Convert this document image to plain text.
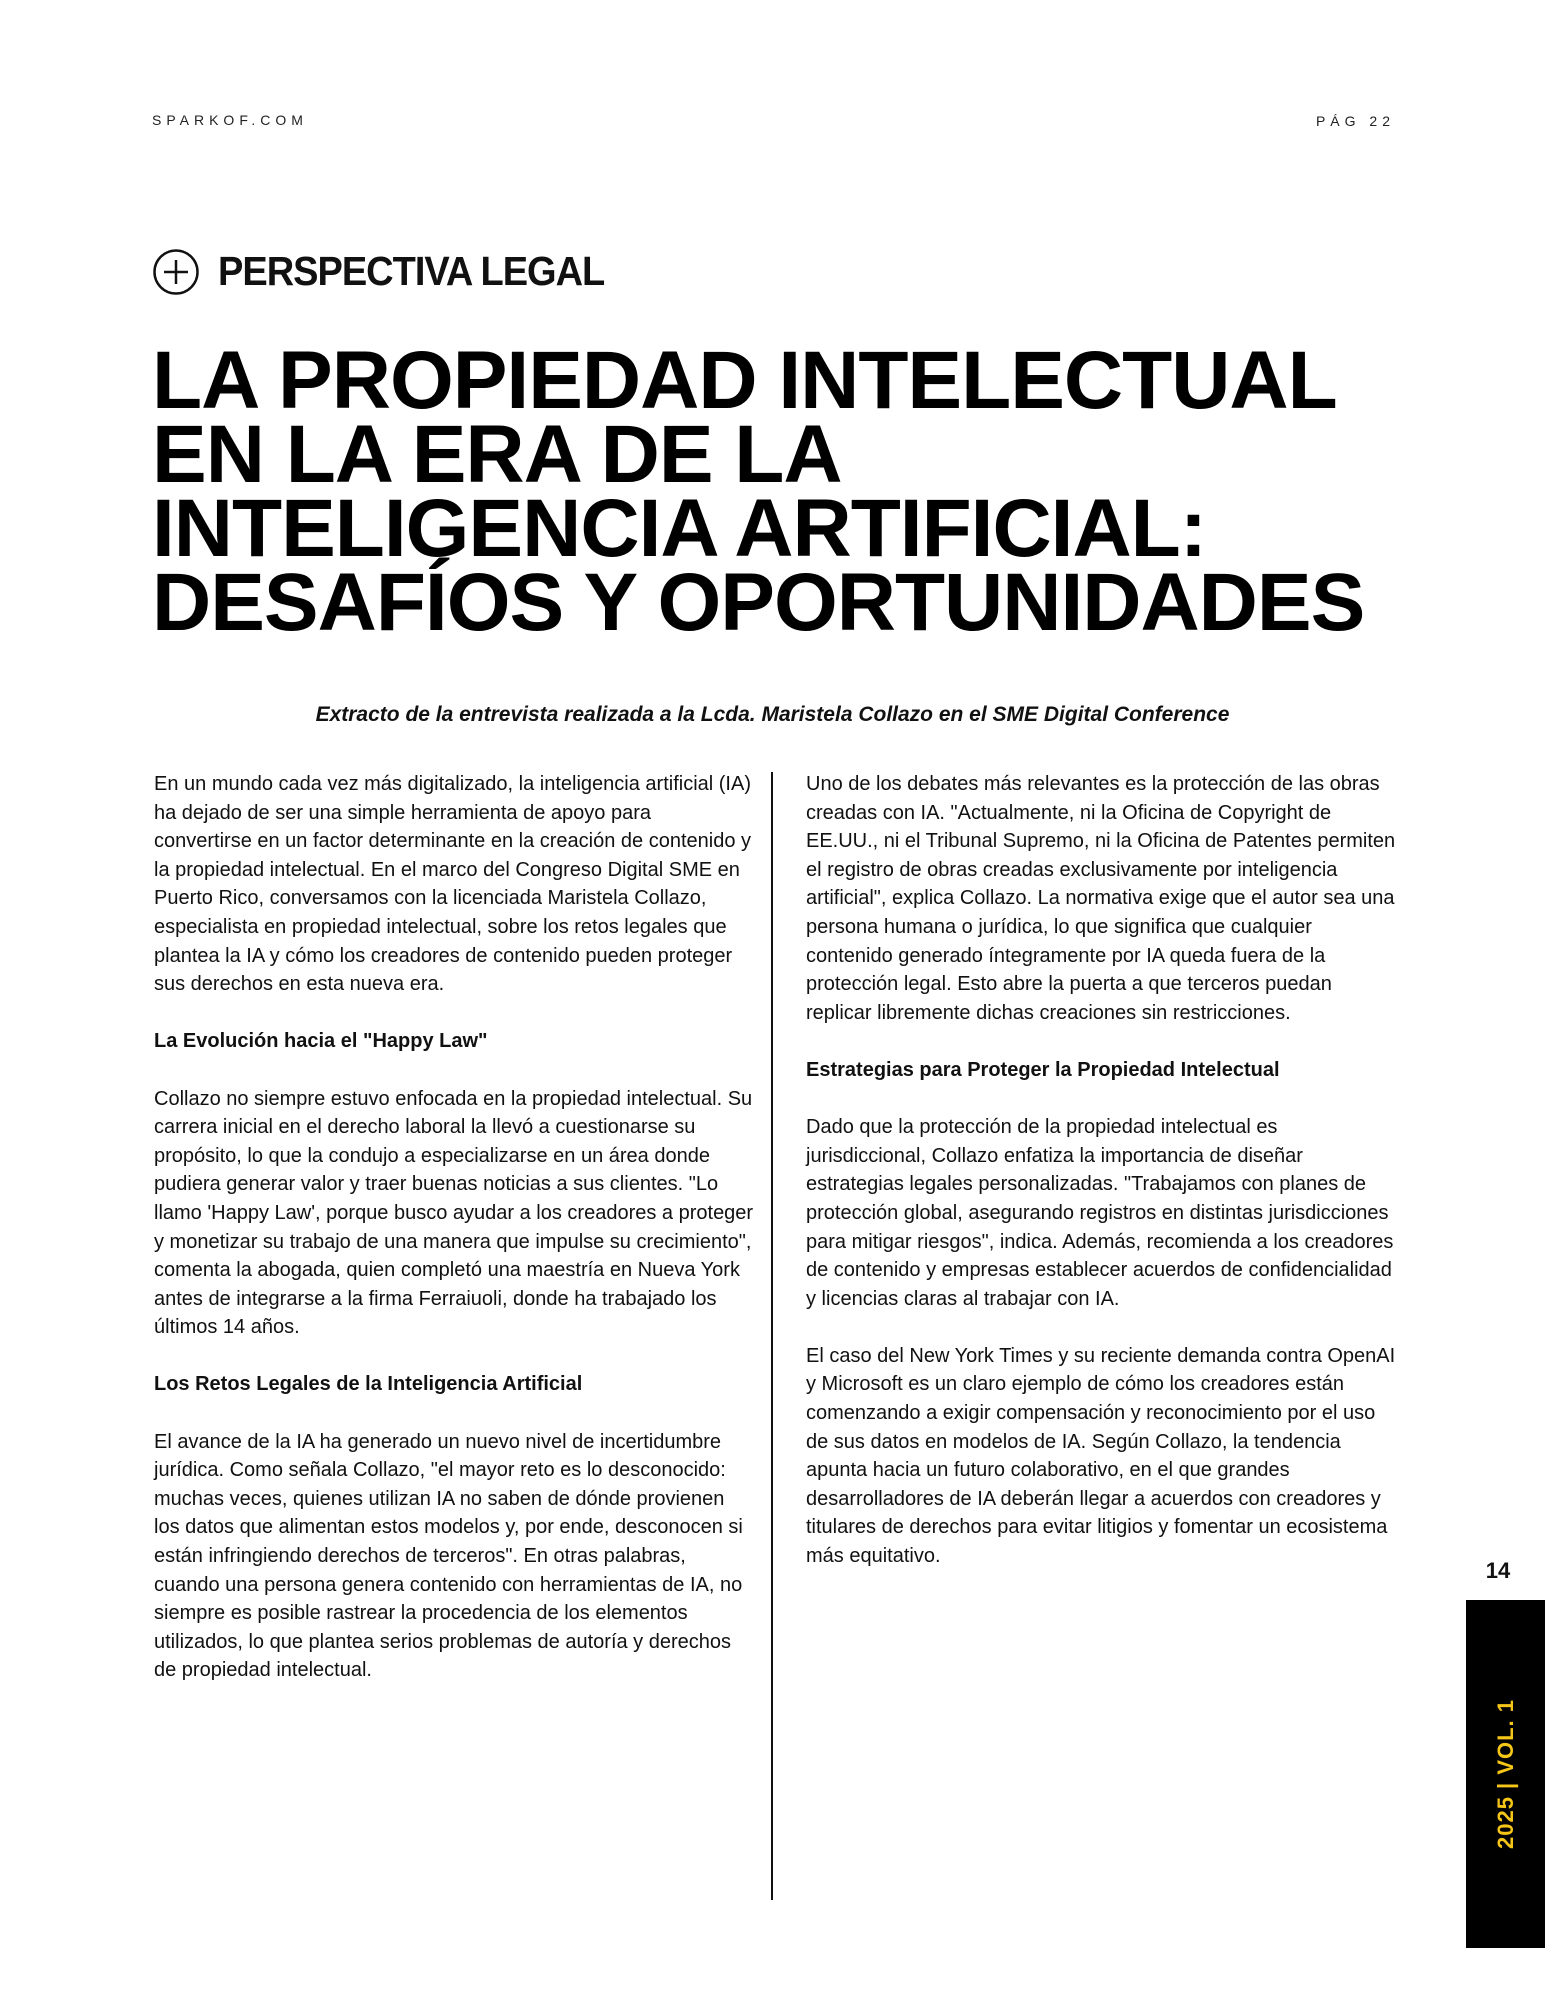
SPARKOF.COM	PÁG 22
PERSPECTIVA LEGAL
LA PROPIEDAD INTELECTUAL EN LA ERA DE LA INTELIGENCIA ARTIFICIAL: DESAFÍOS Y OPORTUNIDADES
Extracto de la entrevista realizada a la Lcda. Maristela Collazo en el SME Digital Conference

En un mundo cada vez más digitalizado, la inteligencia artificial (IA) ha dejado de ser una simple herramienta de apoyo para convertirse en un factor determinante en la creación de contenido y la propiedad intelectual. En el marco del Congreso Digital SME en Puerto Rico, conversamos con la licenciada Maristela Collazo, especialista en propiedad intelectual, sobre los retos legales que plantea la IA y cómo los creadores de contenido pueden proteger sus derechos en esta nueva era.

La Evolución hacia el "Happy Law"

Collazo no siempre estuvo enfocada en la propiedad intelectual. Su carrera inicial en el derecho laboral la llevó a cuestionarse su propósito, lo que la condujo a especializarse en un área donde pudiera generar valor y traer buenas noticias a sus clientes. "Lo llamo 'Happy Law', porque busco ayudar a los creadores a proteger y monetizar su trabajo de una manera que impulse su crecimiento", comenta la abogada, quien completó una maestría en Nueva York antes de integrarse a la firma Ferraiuoli, donde ha trabajado los últimos 14 años.

Los Retos Legales de la Inteligencia Artificial

El avance de la IA ha generado un nuevo nivel de incertidumbre jurídica. Como señala Collazo, "el mayor reto es lo desconocido: muchas veces, quienes utilizan IA no saben de dónde provienen los datos que alimentan estos modelos y, por ende, desconocen si están infringiendo derechos de terceros". En otras palabras, cuando una persona genera contenido con herramientas de IA, no siempre es posible rastrear la procedencia de los elementos utilizados, lo que plantea serios problemas de autoría y derechos de propiedad intelectual.

Uno de los debates más relevantes es la protección de las obras creadas con IA. "Actualmente, ni la Oficina de Copyright de EE.UU., ni el Tribunal Supremo, ni la Oficina de Patentes permiten el registro de obras creadas exclusivamente por inteligencia artificial", explica Collazo. La normativa exige que el autor sea una persona humana o jurídica, lo que significa que cualquier contenido generado íntegramente por IA queda fuera de la protección legal. Esto abre la puerta a que terceros puedan replicar libremente dichas creaciones sin restricciones.

Estrategias para Proteger la Propiedad Intelectual

Dado que la protección de la propiedad intelectual es jurisdiccional, Collazo enfatiza la importancia de diseñar estrategias legales personalizadas. "Trabajamos con planes de protección global, asegurando registros en distintas jurisdicciones para mitigar riesgos", indica. Además, recomienda a los creadores de contenido y empresas establecer acuerdos de confidencialidad y licencias claras al trabajar con IA.

El caso del New York Times y su reciente demanda contra OpenAI y Microsoft es un claro ejemplo de cómo los creadores están comenzando a exigir compensación y reconocimiento por el uso de sus datos en modelos de IA. Según Collazo, la tendencia apunta hacia un futuro colaborativo, en el que grandes desarrolladores de IA deberán llegar a acuerdos con creadores y titulares de derechos para evitar litigios y fomentar un ecosistema más equitativo.

14
2025 | VOL. 1
